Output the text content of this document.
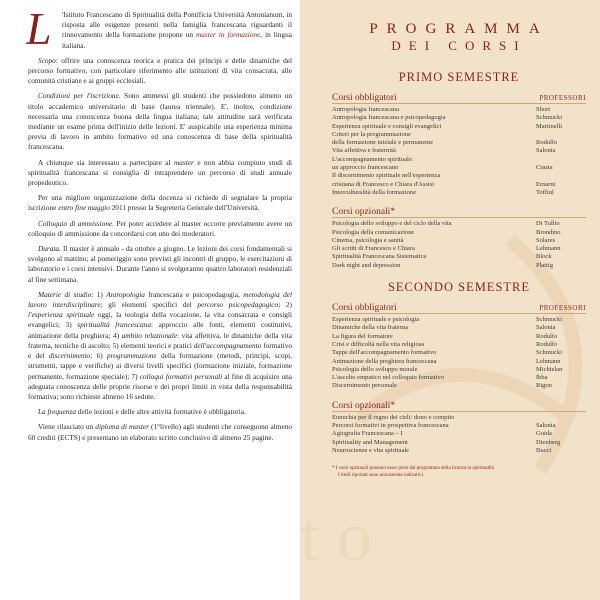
L	'Istituto Francescano di Spiritualità della Pontificia Università Antonianum, in risposta alle esigenze presenti nella famiglia francescana riguardanti il rinnovamento della formazione propone un master in formazione, in lingua italiana.

Scopo: offrire una conoscenza teorica e pratica dei principi e delle dinamiche del percorso formativo, con particolare riferimento alle istituzioni di vita consacrata, alle comunità cristiane e ai gruppi ecclesiali.

Condizioni per l'iscrizione. Sono ammessi gli studenti che possiedono almeno un titolo accademico universitario di base (laurea triennale). E', inoltre, condizione necessaria una conoscenza buona della lingua italiana; tale attitudine sarà verificata mediante un esame prima dell'inizio delle lezioni. E' auspicabile una esperienza minima previa di lavoro in ambito formativo ed una conoscenza di base della spiritualità francescana.

A chiunque sia interessato a partecipare al master e non abbia compiuto studi di spiritualità francescana si consiglia di intraprendere un percorso di studi annuale propedeutico.

Per una migliore organizzazione della docenza si richiede di segnalare la propria iscrizione entro fine maggio 2011 presso la Segreteria Generale dell'Università.

Colloquio di ammissione. Per poter accedere al master occorre previamente avere un colloquio di ammissione da concordarsi con uno dei moderatori.

Durata. Il master è annuale - da ottobre a giugno. Le lezioni dei corsi fondamentali si svolgono al mattino; al pomeriggio sono previsti gli incontri di gruppo, le esercitazioni di laboratorio e i corsi intensivi. Durante l'anno si svolgeranno quattro laboratori residenziali al fine settimana.

Materie di studio: 1) Antropologia francescana e psicopedagogia, metodologia del lavoro interdisciplinare; gli elementi specifici del percorso psicopedagogico; 2) l'esperienza spirituale oggi, la teologia della vocazione, la vita consacrata e consigli evangelici; 3) spiritualità francescana: approccio alle fonti, elementi costitutivi, animazione della preghiera; 4) ambito relazionale: vita affettiva, le dinamiche della vita fraterna, tecniche di ascolto; 5) elementi teorici e pratici dell'accompagnamento formativo e del discernimento; 6) programmazione della formazione (metodi, principi, scopi, strumenti, tappe e verifiche) ai diversi livelli specifici (formazione iniziale, formazione permanente, formazione speciale); 7) colloqui formativi personali al fine di acquisire una adeguata conoscenza delle proprie risorse e dei propri limiti in vista della responsabilità formativa; sono richieste almeno 16 sedute.

La frequenza delle lezioni e delle altre attività formative è obbligatoria.

Viene rilasciato un diploma di master (1°livello) agli studenti che conseguono almeno 60 crediti (ECTS) e presentano un elaborato scritto conclusivo di almeno 25 pagine.

t o
PROGRAMMA
DEI CORSI
PRIMO SEMESTRE
Corsi obbligatori	PROFESSORI
Antropologia francescana	Short
Antropologia francescana e psicopedagogia	Schmucki
Esperienza spirituale e consigli evangelici	Martinelli
Criteri per la programmazione
della formazione iniziale e permanente	Rodulfo
Vita affettiva e fraternità	Salonia
L'accompagnamento spirituale:
un approccio francescano	Crasta
Il discernimento spirituale nell'esperienza
cristiana di Francesco e Chiara d'Assisi	Ernarni
Interculturalità della formazione	Toffiul
Corsi opzionali*
Psicologia dello sviluppo e del ciclo della vita	Di Tullio
Psicologia della comunicazione	Brondino
Cinema, psicologia e sanità	Solares
Gli scritti di Francesco e Chiara	Lehmann
Spiritualità Francescana Sistematica	Block
Dark night and depression	Plattig
SECONDO SEMESTRE
Corsi obbligatori	PROFESSORI
Esperienza spirituale e psicologia	Schmucki
Dinamiche della vita fraterna	Salonia
La figura del formatore	Rodulfo
Crisi e difficoltà nella vita religiosa	Rodulfo
Tappe dell'accompagnamento formativo	Schmucki
Animazione della preghiera francescana	Lehmann
Psicologia dello sviluppo morale	Michielan
L'ascolto empatico nel colloquio formativo	Ibba
Discernimento personale	Rigon
Corsi opzionali*
Eunuchia per il regno dei cieli: dono e compito
Percorsi formativi in prospettiva francescana	Salonia
Agiografia Francescana – I	Guida
Spirituality and Management	Dienberg
Neuroscienze e vita spirituale	Bucci
* I corsi opzionali possono esser presi dal programma della licenza in spiritualità
I titoli riportati sono unicamente indicativi.
